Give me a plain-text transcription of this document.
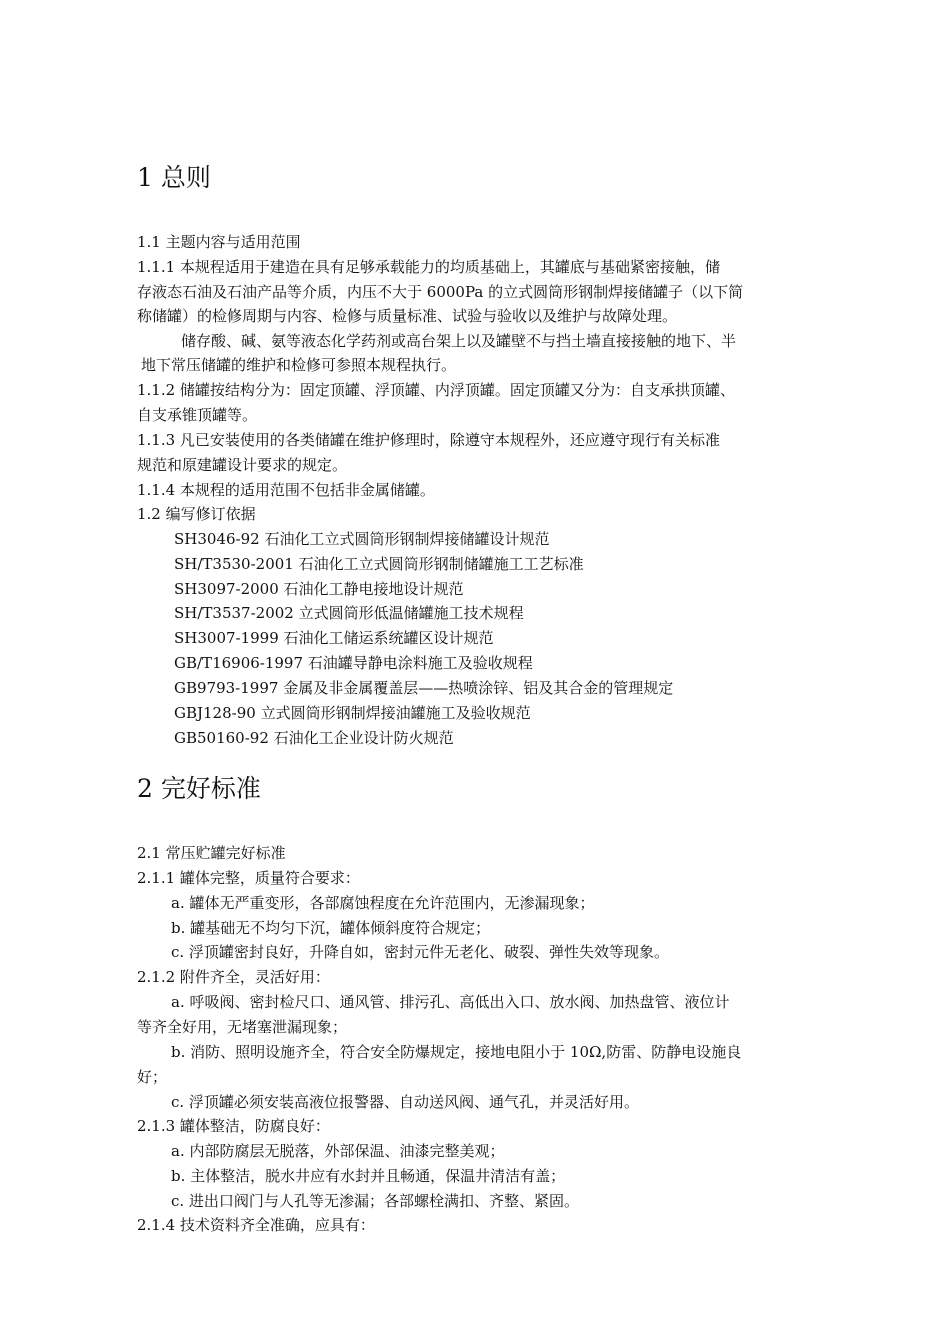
1 总则
1.1 主题内容与适用范围
1.1.1 本规程适用于建造在具有足够承载能力的均质基础上，其罐底与基础紧密接触，储
存液态石油及石油产品等介质，内压不大于 6000Pa 的立式圆筒形钢制焊接储罐子（以下简
称储罐）的检修周期与内容、检修与质量标准、试验与验收以及维护与故障处理。
储存酸、碱、氨等液态化学药剂或高台架上以及罐壁不与挡土墙直接接触的地下、半
地下常压储罐的维护和检修可参照本规程执行。
1.1.2 储罐按结构分为：固定顶罐、浮顶罐、内浮顶罐。固定顶罐又分为：自支承拱顶罐、
自支承锥顶罐等。
1.1.3 凡已安装使用的各类储罐在维护修理时，除遵守本规程外，还应遵守现行有关标准
规范和原建罐设计要求的规定。
1.1.4 本规程的适用范围不包括非金属储罐。
1.2 编写修订依据
SH3046-92 石油化工立式圆筒形钢制焊接储罐设计规范
SH/T3530-2001 石油化工立式圆筒形钢制储罐施工工艺标准
SH3097-2000 石油化工静电接地设计规范
SH/T3537-2002 立式圆筒形低温储罐施工技术规程
SH3007-1999 石油化工储运系统罐区设计规范
GB/T16906-1997 石油罐导静电涂料施工及验收规程
GB9793-1997 金属及非金属覆盖层——热喷涂锌、铝及其合金的管理规定
GBJ128-90 立式圆筒形钢制焊接油罐施工及验收规范
GB50160-92 石油化工企业设计防火规范
2 完好标准
2.1 常压贮罐完好标准
2.1.1 罐体完整，质量符合要求：
a. 罐体无严重变形，各部腐蚀程度在允许范围内，无渗漏现象；
b. 罐基础无不均匀下沉，罐体倾斜度符合规定；
c. 浮顶罐密封良好，升降自如，密封元件无老化、破裂、弹性失效等现象。
2.1.2 附件齐全，灵活好用：
a. 呼吸阀、密封检尺口、通风管、排污孔、高低出入口、放水阀、加热盘管、液位计
等齐全好用，无堵塞泄漏现象；
b. 消防、照明设施齐全，符合安全防爆规定，接地电阻小于 10Ω,防雷、防静电设施良
好；
c. 浮顶罐必须安装高液位报警器、自动送风阀、通气孔，并灵活好用。
2.1.3 罐体整洁，防腐良好：
a. 内部防腐层无脱落，外部保温、油漆完整美观；
b. 主体整洁，脱水井应有水封并且畅通，保温井清洁有盖；
c. 进出口阀门与人孔等无渗漏；各部螺栓满扣、齐整、紧固。
2.1.4 技术资料齐全准确，应具有：
